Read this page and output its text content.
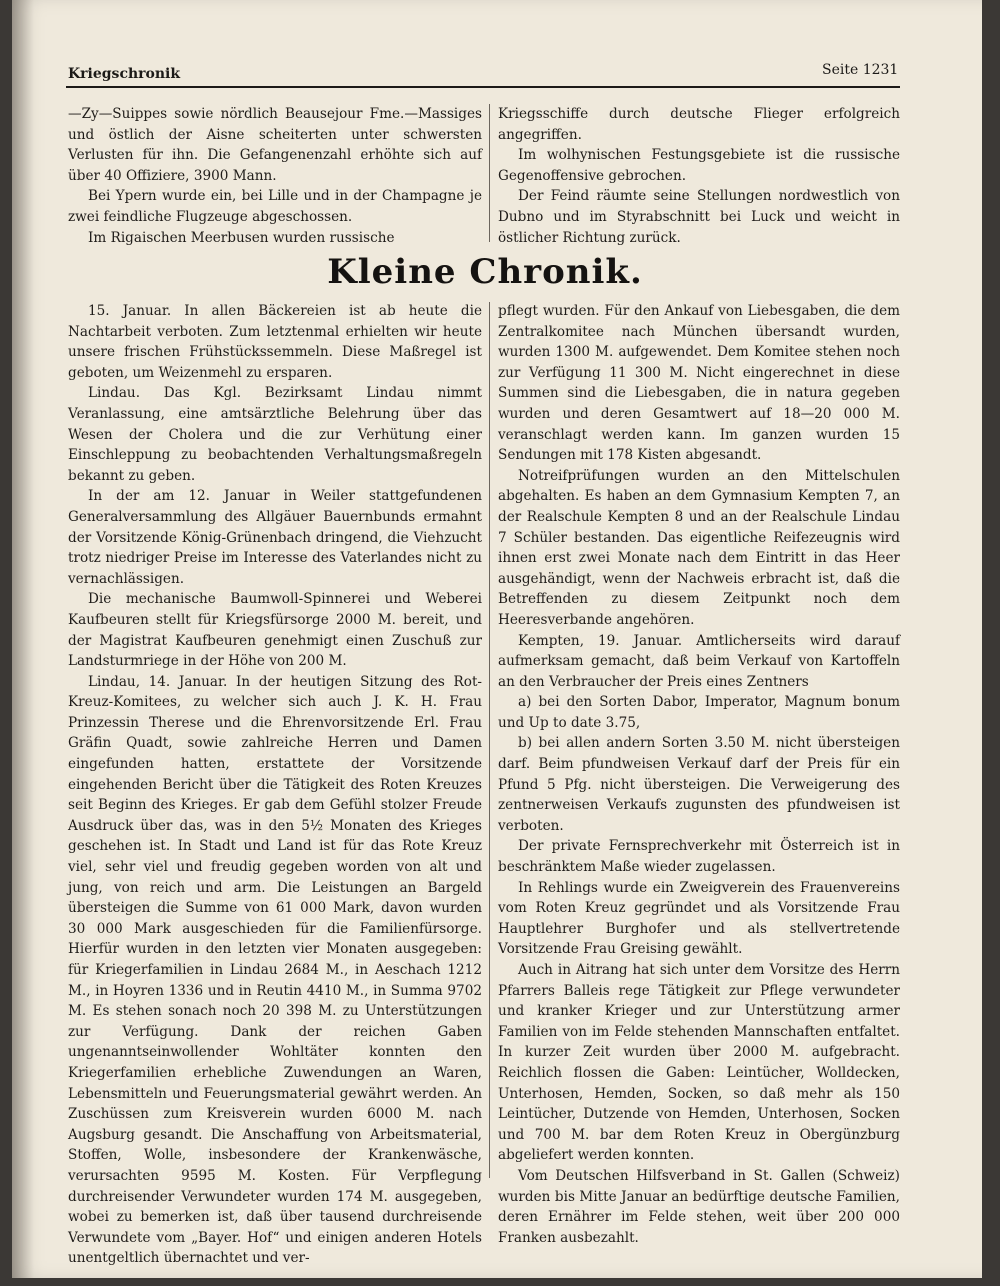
Kriegschronik	Seite 1231

—Zy—Suippes sowie nördlich Beausejour Fme.—Massiges und östlich der Aisne scheiterten unter schwersten Verlusten für ihn. Die Gefangenenzahl erhöhte sich auf über 40 Offiziere, 3900 Mann.

Bei Ypern wurde ein, bei Lille und in der Champagne je zwei feindliche Flugzeuge abgeschossen.

Im Rigaischen Meerbusen wurden russische

Kriegsschiffe durch deutsche Flieger erfolgreich angegriffen.

Im wolhynischen Festungsgebiete ist die russische Gegenoffensive gebrochen.

Der Feind räumte seine Stellungen nordwestlich von Dubno und im Styrabschnitt bei Luck und weicht in östlicher Richtung zurück.

Kleine Chronik.

15. Januar. In allen Bäckereien ist ab heute die Nachtarbeit verboten. Zum letztenmal erhielten wir heute unsere frischen Frühstückssemmeln. Diese Maßregel ist geboten, um Weizenmehl zu ersparen.

Lindau. Das Kgl. Bezirksamt Lindau nimmt Veranlassung, eine amtsärztliche Belehrung über das Wesen der Cholera und die zur Verhütung einer Einschleppung zu beobachtenden Verhaltungsmaßregeln bekannt zu geben.

In der am 12. Januar in Weiler stattgefundenen Generalversammlung des Allgäuer Bauernbunds ermahnt der Vorsitzende König-Grünenbach dringend, die Viehzucht trotz niedriger Preise im Interesse des Vaterlandes nicht zu vernachlässigen.

Die mechanische Baumwoll-Spinnerei und Weberei Kaufbeuren stellt für Kriegsfürsorge 2000 M. bereit, und der Magistrat Kaufbeuren genehmigt einen Zuschuß zur Landsturmriege in der Höhe von 200 M.

Lindau, 14. Januar. In der heutigen Sitzung des Rot-Kreuz-Komitees, zu welcher sich auch J. K. H. Frau Prinzessin Therese und die Ehrenvorsitzende Erl. Frau Gräfin Quadt, sowie zahlreiche Herren und Damen eingefunden hatten, erstattete der Vorsitzende eingehenden Bericht über die Tätigkeit des Roten Kreuzes seit Beginn des Krieges. Er gab dem Gefühl stolzer Freude Ausdruck über das, was in den 5½ Monaten des Krieges geschehen ist. In Stadt und Land ist für das Rote Kreuz viel, sehr viel und freudig gegeben worden von alt und jung, von reich und arm. Die Leistungen an Bargeld übersteigen die Summe von 61 000 Mark, davon wurden 30 000 Mark ausgeschieden für die Familienfürsorge. Hierfür wurden in den letzten vier Monaten ausgegeben: für Kriegerfamilien in Lindau 2684 M., in Aeschach 1212 M., in Hoyren 1336 und in Reutin 4410 M., in Summa 9702 M. Es stehen sonach noch 20 398 M. zu Unterstützungen zur Verfügung. Dank der reichen Gaben ungenanntseinwollender Wohltäter konnten den Kriegerfamilien erhebliche Zuwendungen an Waren, Lebensmitteln und Feuerungsmaterial gewährt werden. An Zuschüssen zum Kreisverein wurden 6000 M. nach Augsburg gesandt. Die Anschaffung von Arbeitsmaterial, Stoffen, Wolle, insbesondere der Krankenwäsche, verursachten 9595 M. Kosten. Für Verpflegung durchreisender Verwundeter wurden 174 M. ausgegeben, wobei zu bemerken ist, daß über tausend durchreisende Verwundete vom „Bayer. Hof“ und einigen anderen Hotels unentgeltlich übernachtet und ver-

pflegt wurden. Für den Ankauf von Liebesgaben, die dem Zentralkomitee nach München übersandt wurden, wurden 1300 M. aufgewendet. Dem Komitee stehen noch zur Verfügung 11 300 M. Nicht eingerechnet in diese Summen sind die Liebesgaben, die in natura gegeben wurden und deren Gesamtwert auf 18—20 000 M. veranschlagt werden kann. Im ganzen wurden 15 Sendungen mit 178 Kisten abgesandt.

Notreifprüfungen wurden an den Mittelschulen abgehalten. Es haben an dem Gymnasium Kempten 7, an der Realschule Kempten 8 und an der Realschule Lindau 7 Schüler bestanden. Das eigentliche Reifezeugnis wird ihnen erst zwei Monate nach dem Eintritt in das Heer ausgehändigt, wenn der Nachweis erbracht ist, daß die Betreffenden zu diesem Zeitpunkt noch dem Heeresverbande angehören.

Kempten, 19. Januar. Amtlicherseits wird darauf aufmerksam gemacht, daß beim Verkauf von Kartoffeln an den Verbraucher der Preis eines Zentners

a) bei den Sorten Dabor, Imperator, Magnum bonum und Up to date 3.75,

b) bei allen andern Sorten 3.50 M. nicht übersteigen darf. Beim pfundweisen Verkauf darf der Preis für ein Pfund 5 Pfg. nicht übersteigen. Die Verweigerung des zentnerweisen Verkaufs zugunsten des pfundweisen ist verboten.

Der private Fernsprechverkehr mit Österreich ist in beschränktem Maße wieder zugelassen.

In Rehlings wurde ein Zweigverein des Frauenvereins vom Roten Kreuz gegründet und als Vorsitzende Frau Hauptlehrer Burghofer und als stellvertretende Vorsitzende Frau Greising gewählt.

Auch in Aitrang hat sich unter dem Vorsitze des Herrn Pfarrers Balleis rege Tätigkeit zur Pflege verwundeter und kranker Krieger und zur Unterstützung armer Familien von im Felde stehenden Mannschaften entfaltet. In kurzer Zeit wurden über 2000 M. aufgebracht. Reichlich flossen die Gaben: Leintücher, Wolldecken, Unterhosen, Hemden, Socken, so daß mehr als 150 Leintücher, Dutzende von Hemden, Unterhosen, Socken und 700 M. bar dem Roten Kreuz in Obergünzburg abgeliefert werden konnten.

Vom Deutschen Hilfsverband in St. Gallen (Schweiz) wurden bis Mitte Januar an bedürftige deutsche Familien, deren Ernährer im Felde stehen, weit über 200 000 Franken ausbezahlt.
